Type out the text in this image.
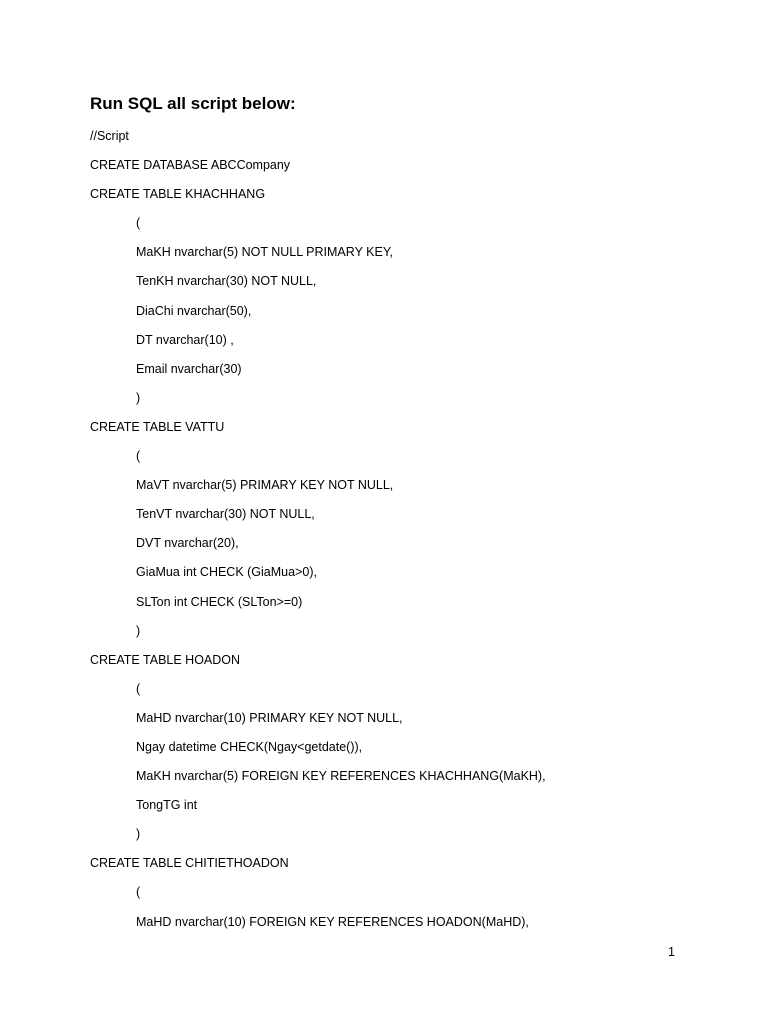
Run SQL all script below:
//Script
CREATE DATABASE ABCCompany
CREATE TABLE KHACHHANG
(
MaKH nvarchar(5) NOT NULL PRIMARY KEY,
TenKH nvarchar(30) NOT NULL,
DiaChi nvarchar(50),
DT nvarchar(10) ,
Email nvarchar(30)
)
CREATE TABLE VATTU
(
MaVT nvarchar(5) PRIMARY KEY NOT NULL,
TenVT nvarchar(30) NOT NULL,
DVT nvarchar(20),
GiaMua int CHECK (GiaMua>0),
SLTon int CHECK (SLTon>=0)
)
CREATE TABLE HOADON
(
MaHD nvarchar(10) PRIMARY KEY NOT NULL,
Ngay datetime CHECK(Ngay<getdate()),
MaKH nvarchar(5) FOREIGN KEY REFERENCES KHACHHANG(MaKH),
TongTG int
)
CREATE TABLE CHITIETHOADON
(
MaHD nvarchar(10) FOREIGN KEY REFERENCES HOADON(MaHD),
1
